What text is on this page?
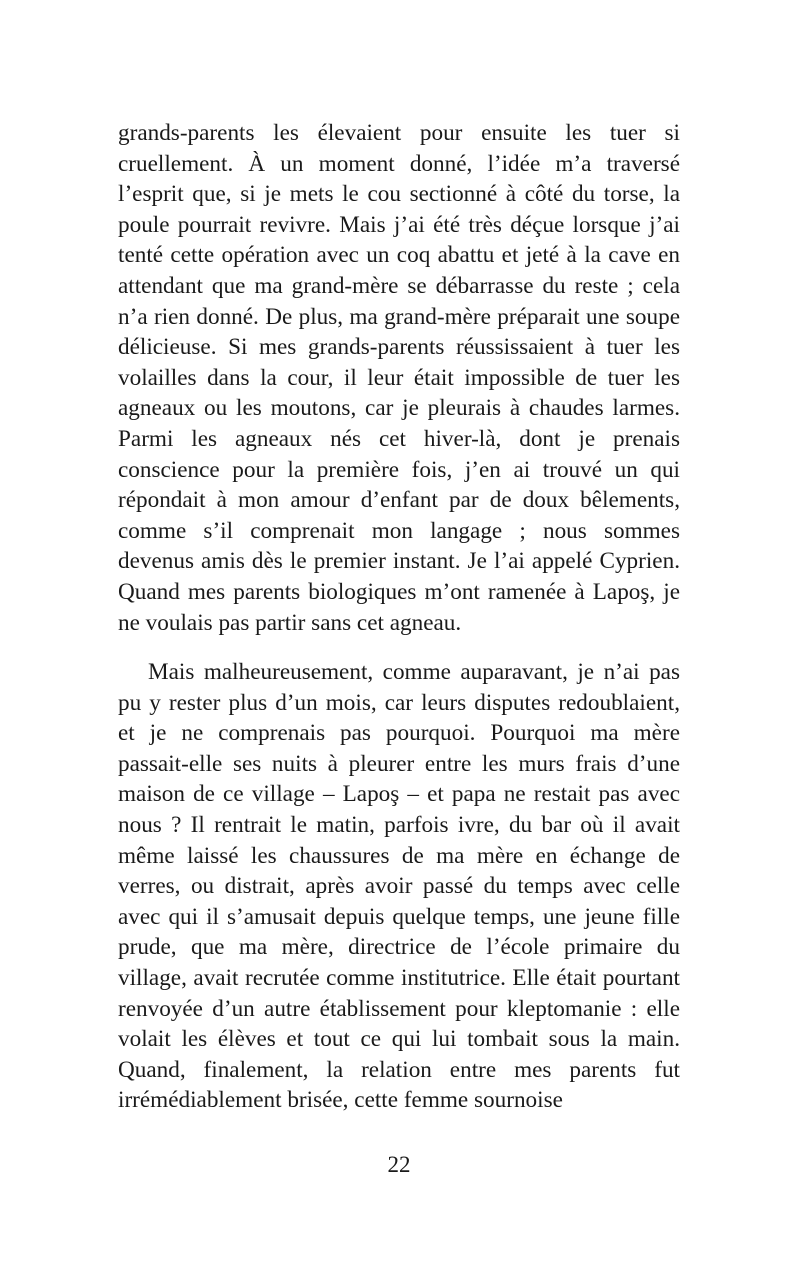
grands-parents les élevaient pour ensuite les tuer si cruellement. À un moment donné, l’idée m’a traversé l’esprit que, si je mets le cou sectionné à côté du torse, la poule pourrait revivre. Mais j’ai été très déçue lorsque j’ai tenté cette opération avec un coq abattu et jeté à la cave en attendant que ma grand-mère se débarrasse du reste ; cela n’a rien donné. De plus, ma grand-mère préparait une soupe délicieuse. Si mes grands-parents réussissaient à tuer les volailles dans la cour, il leur était impossible de tuer les agneaux ou les moutons, car je pleurais à chaudes larmes. Parmi les agneaux nés cet hiver-là, dont je prenais conscience pour la première fois, j’en ai trouvé un qui répondait à mon amour d’enfant par de doux bêlements, comme s’il comprenait mon langage ; nous sommes devenus amis dès le premier instant. Je l’ai appelé Cyprien. Quand mes parents biologiques m’ont ramenée à Lapoş, je ne voulais pas partir sans cet agneau.

Mais malheureusement, comme auparavant, je n’ai pas pu y rester plus d’un mois, car leurs disputes redoublaient, et je ne comprenais pas pourquoi. Pourquoi ma mère passait-elle ses nuits à pleurer entre les murs frais d’une maison de ce village – Lapoş – et papa ne restait pas avec nous ? Il rentrait le matin, parfois ivre, du bar où il avait même laissé les chaussures de ma mère en échange de verres, ou distrait, après avoir passé du temps avec celle avec qui il s’amusait depuis quelque temps, une jeune fille prude, que ma mère, directrice de l’école primaire du village, avait recrutée comme institutrice. Elle était pourtant renvoyée d’un autre établissement pour kleptomanie : elle volait les élèves et tout ce qui lui tombait sous la main. Quand, finalement, la relation entre mes parents fut irrémédiablement brisée, cette femme sournoise

22
